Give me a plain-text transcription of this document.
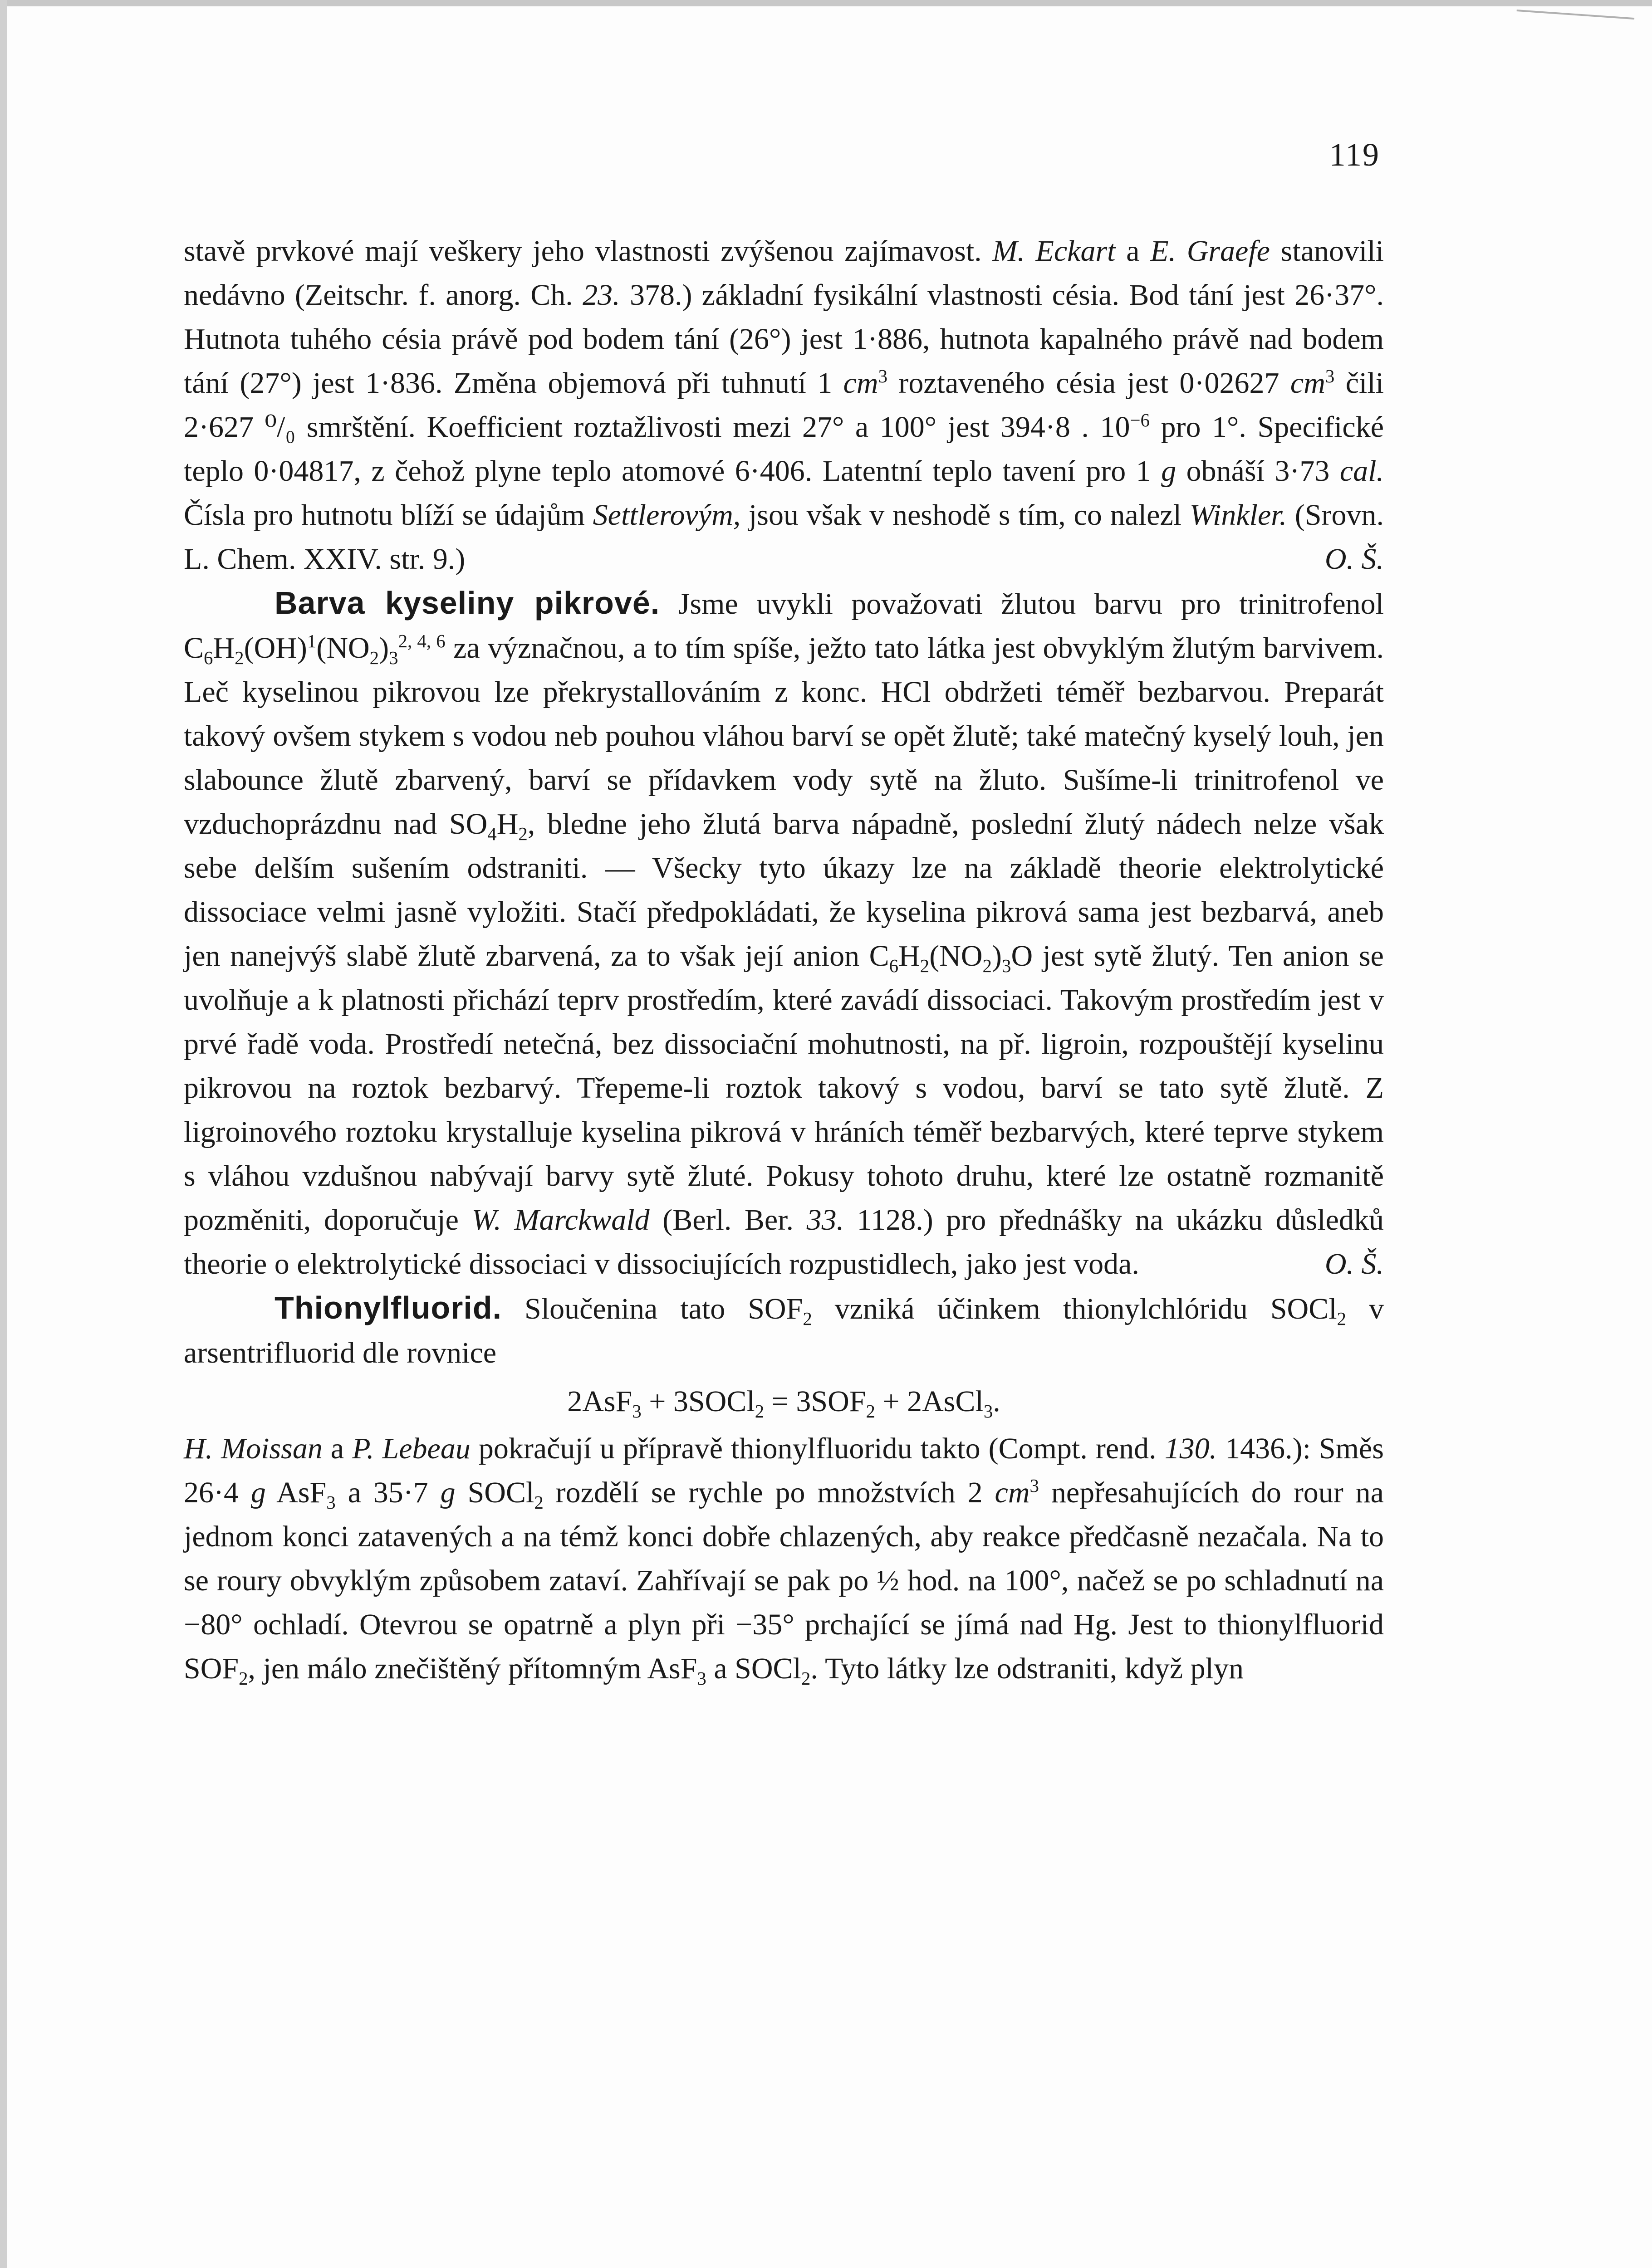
119

stavě prvkové mají veškery jeho vlastnosti zvýšenou zajímavost. M. Eckart a E. Graefe stanovili nedávno (Zeitschr. f. anorg. Ch. 23. 378.) základní fysikální vlastnosti césia. Bod tání jest 26·37°. Hutnota tuhého césia právě pod bodem tání (26°) jest 1·886, hutnota kapalného právě nad bodem tání (27°) jest 1·836. Změna objemová při tuhnutí 1 $cm^3$ roztaveného césia jest 0·02627 $cm^3$ čili 2·627 ⁰/₀ smrštění. Koefficient roztažlivosti mezi 27° a 100° jest 394·8 . $10^{-6}$ pro 1°. Specifické teplo 0·04817, z čehož plyne teplo atomové 6·406. Latentní teplo tavení pro 1 g obnáší 3·73 cal. Čísla pro hutnotu blíží se údajům Settlerovým, jsou však v neshodě s tím, co nalezl Winkler. (Srovn. L. Chem. XXIV. str. 9.)	O. Š.

Barva kyseliny pikrové. Jsme uvykli považovati žlutou barvu pro trinitrofenol $C_6H_2(OH)^1(NO_2)_3^{2, 4, 6}$ za význačnou, a to tím spíše, ježto tato látka jest obvyklým žlutým barvivem. Leč kyselinou pikrovou lze překrystallováním z konc. HCl obdržeti téměř bezbarvou. Preparát takový ovšem stykem s vodou neb pouhou vláhou barví se opět žlutě; také matečný kyselý louh, jen slabounce žlutě zbarvený, barví se přídavkem vody sytě na žluto. Sušíme-li trinitrofenol ve vzduchoprázdnu nad $SO_4H_2$, bledne jeho žlutá barva nápadně, poslední žlutý nádech nelze však sebe delším sušením odstraniti. — Všecky tyto úkazy lze na základě theorie elektrolytické dissociace velmi jasně vyložiti. Stačí předpokládati, že kyselina pikrová sama jest bezbarvá, aneb jen nanejvýš slabě žlutě zbarvená, za to však její anion $C_6H_2(NO_2)_3O$ jest sytě žlutý. Ten anion se uvolňuje a k platnosti přichází teprv prostředím, které zavádí dissociaci. Takovým prostředím jest v prvé řadě voda. Prostředí netečná, bez dissociační mohutnosti, na př. ligroin, rozpouštějí kyselinu pikrovou na roztok bezbarvý. Třepeme-li roztok takový s vodou, barví se tato sytě žlutě. Z ligroinového roztoku krystalluje kyselina pikrová v hráních téměř bezbarvých, které teprve stykem s vláhou vzdušnou nabývají barvy sytě žluté. Pokusy tohoto druhu, které lze ostatně rozmanitě pozměniti, doporučuje W. Marckwald (Berl. Ber. 33. 1128.) pro přednášky na ukázku důsledků theorie o elektrolytické dissociaci v dissociujících rozpustidlech, jako jest voda.	O. Š.

Thionylfluorid. Sloučenina tato $SOF_2$ vzniká účinkem thionylchlóridu SOCl$_2$ v arsentrifluorid dle rovnice

2AsF$_3$ + 3SOCl$_2$ = $3SOF_2$ + 2AsCl$_3$.

H. Moissan a P. Lebeau pokračují u přípravě thionylfluoridu takto (Compt. rend. 130. 1436.): Směs 26·4 g AsF$_3$ a 35·7 g SOCl$_2$ rozdělí se rychle po množstvích 2 $cm^3$ nepřesahujících do rour na jednom konci zatavených a na témž konci dobře chlazených, aby reakce předčasně nezačala. Na to se roury obvyklým způsobem zataví. Zahřívají se pak po ½ hod. na 100°, načež se po schladnutí na −80° ochladí. Otevrou se opatrně a plyn při −35° prchající se jímá nad Hg. Jest to thionylfluorid $SOF_2$, jen málo znečištěný přítomným AsF$_3$ a SOCl$_2$. Tyto látky lze odstraniti, když plyn
